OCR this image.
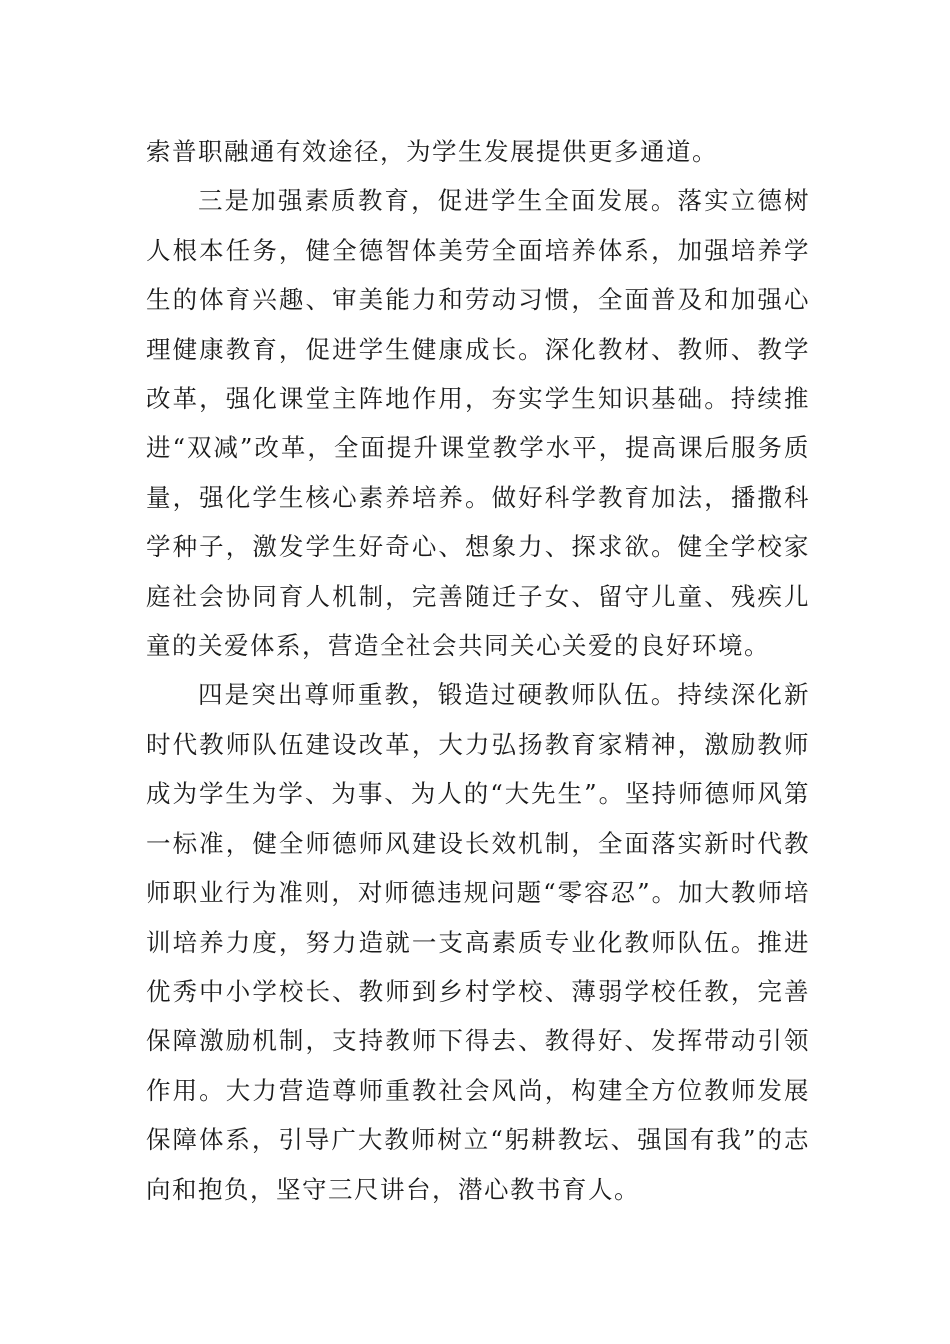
索普职融通有效途径，为学生发展提供更多通道。

三是加强素质教育，促进学生全面发展。落实立德树人根本任务，健全德智体美劳全面培养体系，加强培养学生的体育兴趣、审美能力和劳动习惯，全面普及和加强心理健康教育，促进学生健康成长。深化教材、教师、教学改革，强化课堂主阵地作用，夯实学生知识基础。持续推进“双减”改革，全面提升课堂教学水平，提高课后服务质量，强化学生核心素养培养。做好科学教育加法，播撒科学种子，激发学生好奇心、想象力、探求欲。健全学校家庭社会协同育人机制，完善随迁子女、留守儿童、残疾儿童的关爱体系，营造全社会共同关心关爱的良好环境。

四是突出尊师重教，锻造过硬教师队伍。持续深化新时代教师队伍建设改革，大力弘扬教育家精神，激励教师成为学生为学、为事、为人的“大先生”。坚持师德师风第一标准，健全师德师风建设长效机制，全面落实新时代教师职业行为准则，对师德违规问题“零容忍”。加大教师培训培养力度，努力造就一支高素质专业化教师队伍。推进优秀中小学校长、教师到乡村学校、薄弱学校任教，完善保障激励机制，支持教师下得去、教得好、发挥带动引领作用。大力营造尊师重教社会风尚，构建全方位教师发展保障体系，引导广大教师树立“躬耕教坛、强国有我”的志向和抱负，坚守三尺讲台，潜心教书育人。
